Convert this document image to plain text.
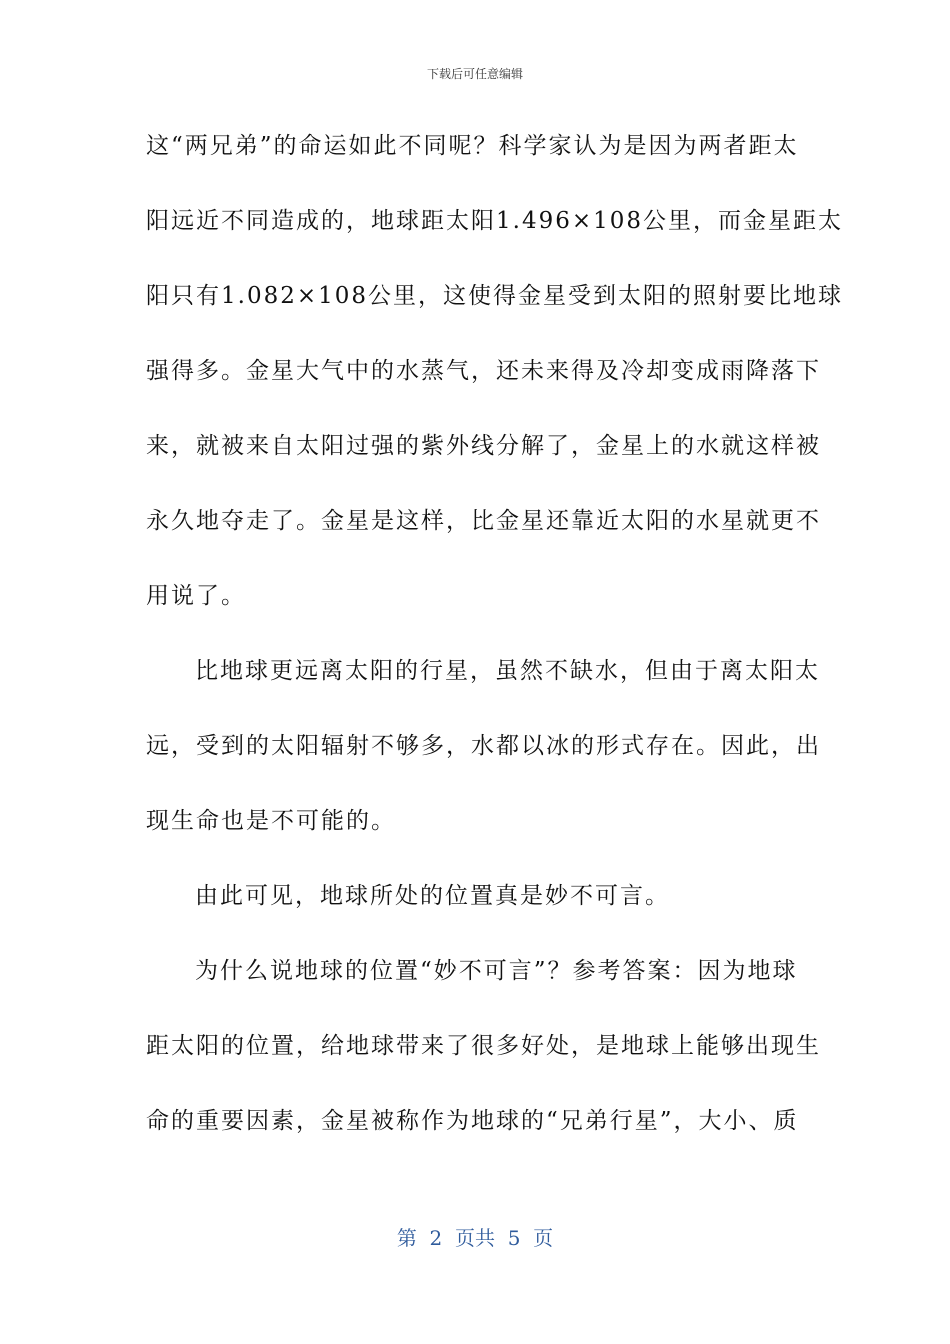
下载后可任意编辑
这“两兄弟”的命运如此不同呢？科学家认为是因为两者距太
阳远近不同造成的，地球距太阳1.496×108公里，而金星距太
阳只有1.082×108公里，这使得金星受到太阳的照射要比地球
强得多。金星大气中的水蒸气，还未来得及冷却变成雨降落下
来，就被来自太阳过强的紫外线分解了，金星上的水就这样被
永久地夺走了。金星是这样，比金星还靠近太阳的水星就更不
用说了。
比地球更远离太阳的行星，虽然不缺水，但由于离太阳太
远，受到的太阳辐射不够多，水都以冰的形式存在。因此，出
现生命也是不可能的。
由此可见，地球所处的位置真是妙不可言。
为什么说地球的位置“妙不可言”？参考答案：因为地球
距太阳的位置，给地球带来了很多好处，是地球上能够出现生
命的重要因素，金星被称作为地球的“兄弟行星”，大小、质
第  2  页共  5  页
